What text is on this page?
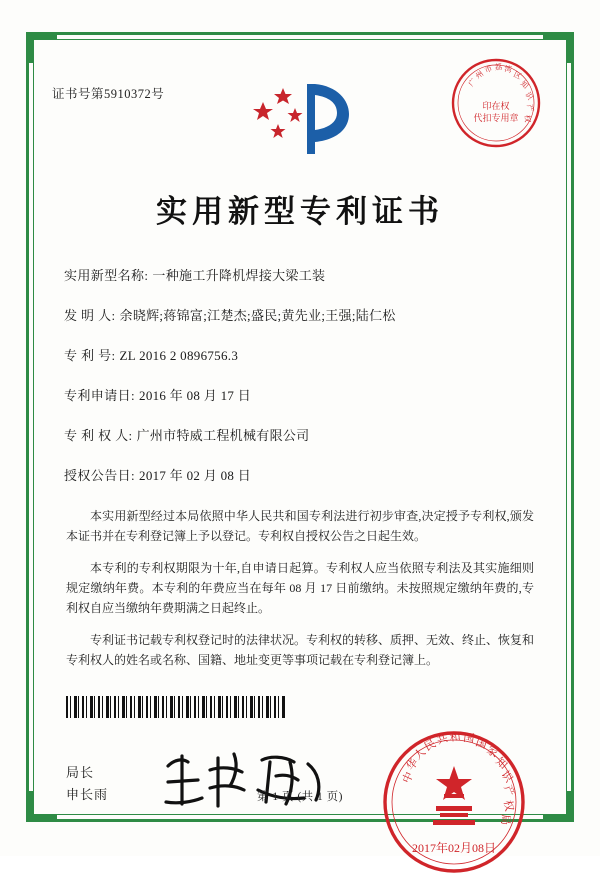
印在权
代扣专用章
广
州
市 荔 湾
区
知
识
产
权
证书号第5910372号
实用新型专利证书
实用新型名称: 一种施工升降机焊接大梁工装
发 明 人: 余晓辉;蒋锦富;江楚杰;盛民;黄先业;王强;陆仁松
专 利 号: ZL 2016 2 0896756.3
专利申请日: 2016 年 08 月 17 日
专 利 权 人: 广州市特威工程机械有限公司
授权公告日: 2017 年 02 月 08 日

本实用新型经过本局依照中华人民共和国专利法进行初步审查,决定授予专利权,颁发本证书并在专利登记簿上予以登记。专利权自授权公告之日起生效。

本专利的专利权期限为十年,自申请日起算。专利权人应当依照专利法及其实施细则规定缴纳年费。本专利的年费应当在每年 08 月 17 日前缴纳。未按照规定缴纳年费的,专利权自应当缴纳年费期满之日起终止。

专利证书记载专利权登记时的法律状况。专利权的转移、质押、无效、终止、恢复和专利权人的姓名或名称、国籍、地址变更等事项记载在专利登记簿上。

局长
申长雨
中
华
人
民
共 和 国 国
家
知
识
产
权
局
2017年02月08日
第 1 页 (共 1 页)
